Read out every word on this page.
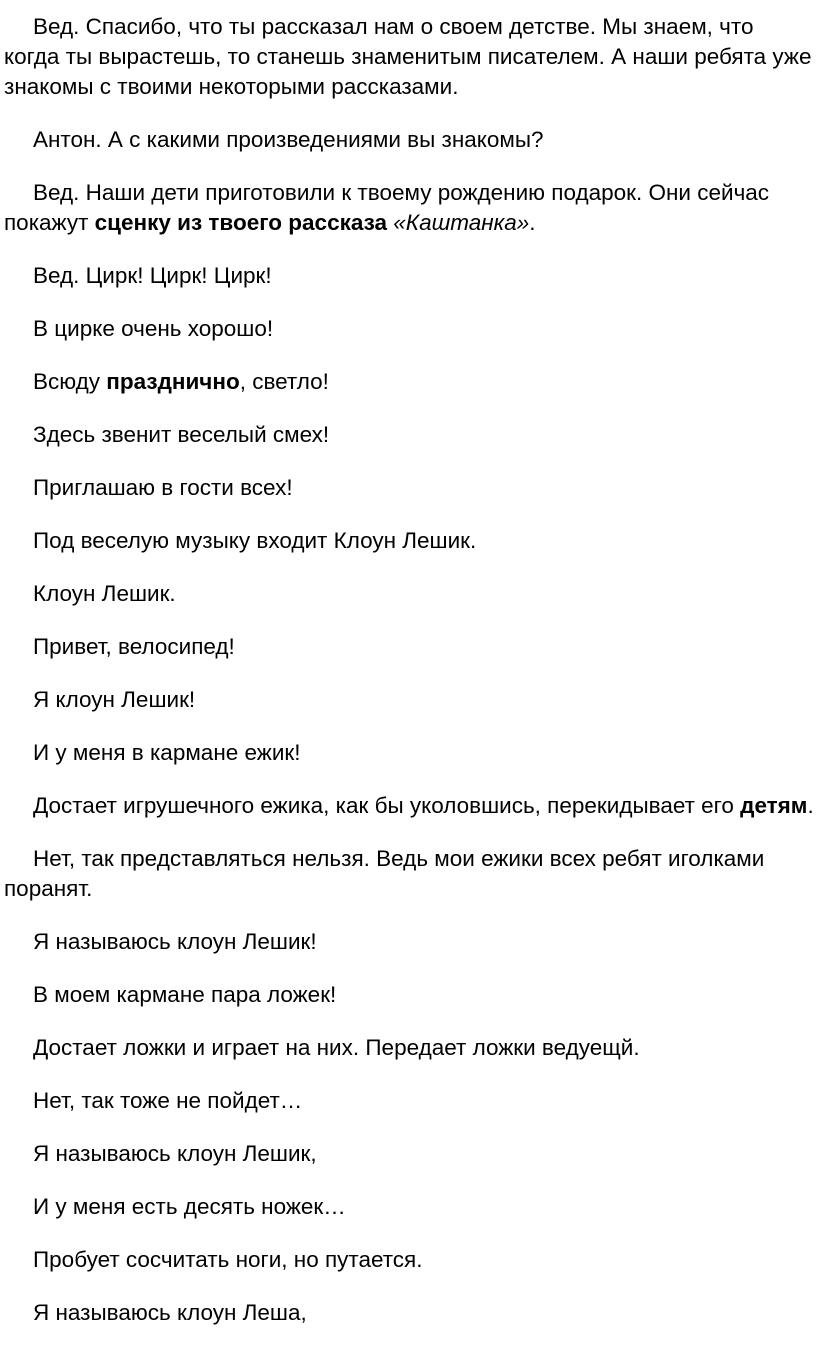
Вед. Спасибо, что ты рассказал нам о своем детстве. Мы знаем, что когда ты вырастешь, то станешь знаменитым писателем. А наши ребята уже знакомы с твоими некоторыми рассказами.

Антон. А с какими произведениями вы знакомы?

Вед. Наши дети приготовили к твоему рождению подарок. Они сейчас покажут сценку из твоего рассказа «Каштанка».

Вед. Цирк! Цирк! Цирк!

В цирке очень хорошо!

Всюду празднично, светло!

Здесь звенит веселый смех!

Приглашаю в гости всех!

Под веселую музыку входит Клоун Лешик.

Клоун Лешик.

Привет, велосипед!

Я клоун Лешик!

И у меня в кармане ежик!

Достает игрушечного ежика, как бы уколовшись, перекидывает его детям.

Нет, так представляться нельзя. Ведь мои ежики всех ребят иголками поранят.

Я называюсь клоун Лешик!

В моем кармане пара ложек!

Достает ложки и играет на них. Передает ложки ведуещй.

Нет, так тоже не пойдет…

Я называюсь клоун Лешик,

И у меня есть десять ножек…

Пробует сосчитать ноги, но путается.

Я называюсь клоун Леша,
